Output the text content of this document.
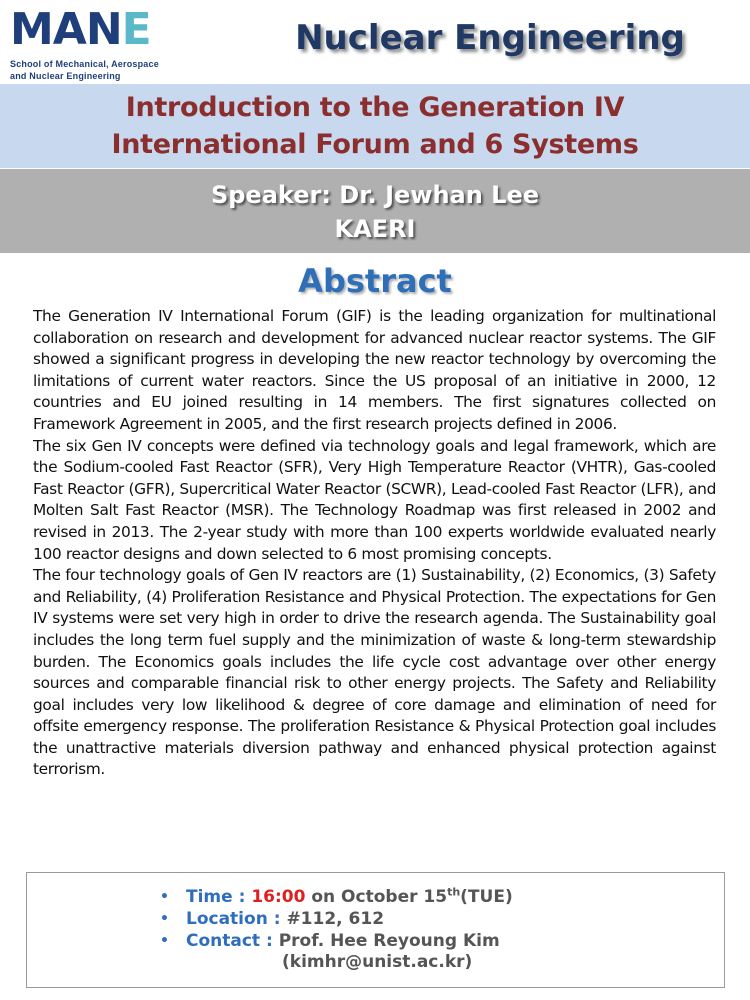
MANE
School of Mechanical, Aerospace
and Nuclear Engineering
Nuclear Engineering
Introduction to the Generation IV
International Forum and 6 Systems
Speaker: Dr. Jewhan Lee
KAERI
Abstract

The Generation IV International Forum (GIF) is the leading organization for multinational collaboration on research and development for advanced nuclear reactor systems. The GIF showed a significant progress in developing the new reactor technology by overcoming the limitations of current water reactors. Since the US proposal of an initiative in 2000, 12 countries and EU joined resulting in 14 members. The first signatures collected on Framework Agreement in 2005, and the first research projects defined in 2006.

The six Gen IV concepts were defined via technology goals and legal framework, which are the Sodium-cooled Fast Reactor (SFR), Very High Temperature Reactor (VHTR), Gas-cooled Fast Reactor (GFR), Supercritical Water Reactor (SCWR), Lead-cooled Fast Reactor (LFR), and Molten Salt Fast Reactor (MSR). The Technology Roadmap was first released in 2002 and revised in 2013. The 2-year study with more than 100 experts worldwide evaluated nearly 100 reactor designs and down selected to 6 most promising concepts.

The four technology goals of Gen IV reactors are (1) Sustainability, (2) Economics, (3) Safety and Reliability, (4) Proliferation Resistance and Physical Protection. The expectations for Gen IV systems were set very high in order to drive the research agenda. The Sustainability goal includes the long term fuel supply and the minimization of waste & long-term stewardship burden. The Economics goals includes the life cycle cost advantage over other energy sources and comparable financial risk to other energy projects. The Safety and Reliability goal includes very low likelihood & degree of core damage and elimination of need for offsite emergency response. The proliferation Resistance & Physical Protection goal includes the unattractive materials diversion pathway and enhanced physical protection against terrorism.

• Time : 16:00 on October 15th(TUE)
• Location : #112, 612
• Contact : Prof. Hee Reyoung Kim
(kimhr@unist.ac.kr)
